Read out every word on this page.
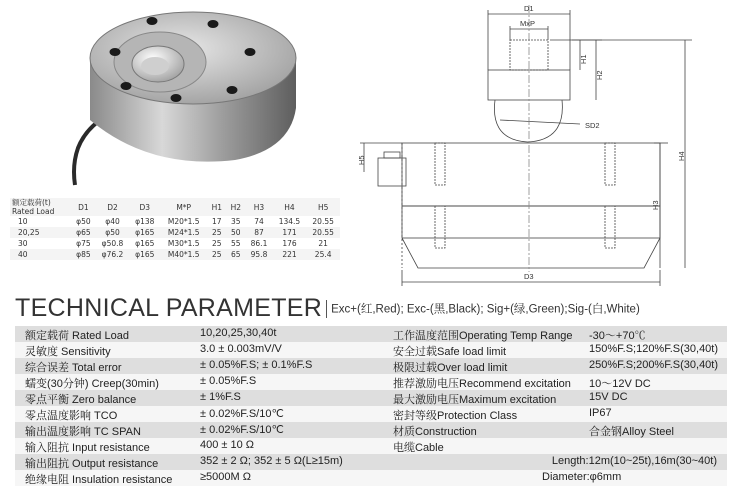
额定载荷(t)
Rated Load	D1	D2	D3	M*P	H1	H2	H3	H4	H5
10	φ50	φ40	φ138	M20*1.5	17	35	74	134.5	20.55
20,25	φ65	φ50	φ165	M24*1.5	25	50	87	171	20.55
30	φ75	φ50.8	φ165	M30*1.5	25	55	86.1	176	21
40	φ85	φ76.2	φ165	M40*1.5	25	65	95.8	221	25.4
D1
MxP
H1
H2
SD2
H4
H5
H3
D3
TECHNICAL PARAMETER Exc+(红,Red); Exc-(黑,Black); Sig+(绿,Green);Sig-(白,White)
额定载荷 Rated Load	10,20,25,30,40t	工作温度范围Operating Temp Range -30～+70℃
灵敏度 Sensitivity	3.0 ± 0.003mV/V	安全过载Safe load limit	150%F.S;120%F.S(30,40t)
综合误差 Total error	± 0.05%F.S; ± 0.1%F.S	极限过载Over load limit	250%F.S;200%F.S(30,40t)
蠕变(30分钟) Creep(30min)	± 0.05%F.S	推荐激励电压Recommend excitation 10～12V DC
零点平衡 Zero balance	± 1%F.S	最大激励电压Maximum excitation	15V DC
零点温度影响 TCO	± 0.02%F.S/10℃	密封等级Protection Class	IP67
输出温度影响 TC SPAN	± 0.02%F.S/10℃	材质Construction	合金钢Alloy Steel
输入阻抗 Input resistance	400 ± 10 Ω	电缆Cable
输出阻抗 Output resistance	352 ± 2 Ω; 352 ± 5 Ω(L≥15m)	Length:12m(10~25t),16m(30~40t)
绝缘电阻 Insulation resistance	≥5000M Ω	Diameter:φ6mm
